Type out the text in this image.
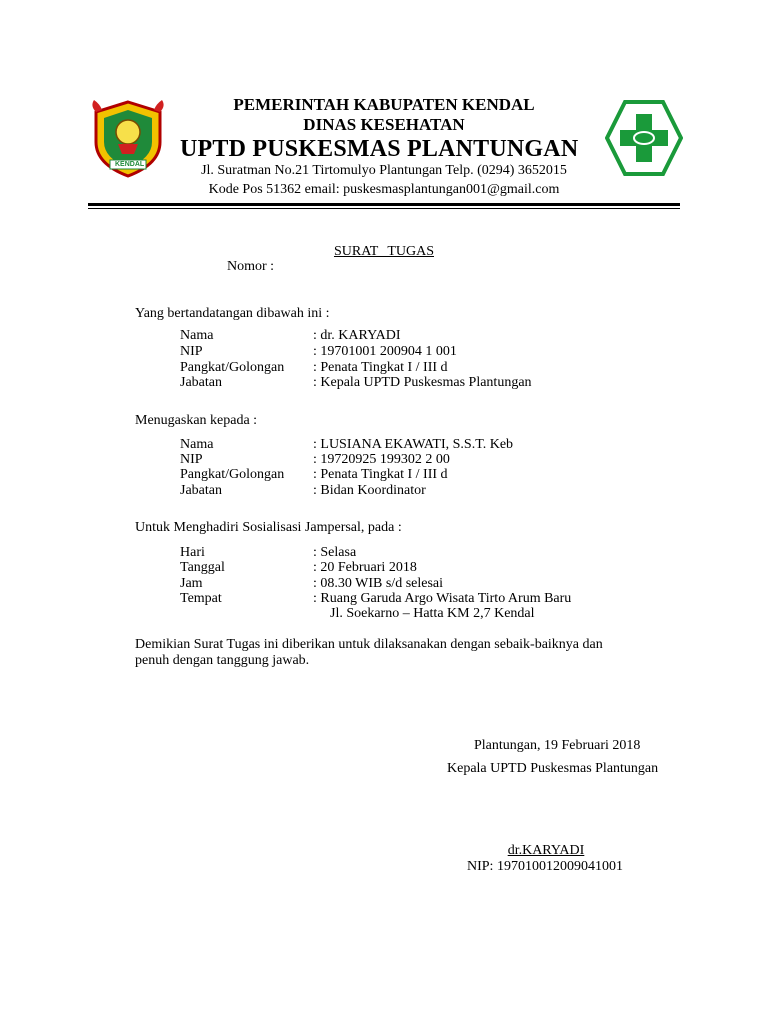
KENDAL
PEMERINTAH KABUPATEN KENDAL
DINAS KESEHATAN
UPTD PUSKESMAS PLANTUNGAN
Jl. Suratman No.21 Tirtomulyo Plantungan Telp. (0294) 3652015
Kode Pos 51362 email: puskesmasplantungan001@gmail.com
SURAT TUGAS
Nomor :
Yang bertandatangan dibawah ini :
Nama	: dr. KARYADI
NIP	: 19701001 200904 1 001
Pangkat/Golongan : Penata Tingkat I / III d
Jabatan	: Kepala UPTD Puskesmas Plantungan
Menugaskan kepada :
Nama	: LUSIANA EKAWATI, S.S.T. Keb
NIP	: 19720925 199302 2 00
Pangkat/Golongan : Penata Tingkat I / III d
Jabatan	: Bidan Koordinator
Untuk Menghadiri Sosialisasi Jampersal, pada :
Hari	: Selasa
Tanggal	: 20 Februari 2018
Jam	: 08.30 WIB s/d selesai
Tempat	: Ruang Garuda Argo Wisata Tirto Arum Baru
Jl. Soekarno – Hatta KM 2,7 Kendal
Demikian Surat Tugas ini diberikan untuk dilaksanakan dengan sebaik-baiknya dan
penuh dengan tanggung jawab.
Plantungan, 19 Februari 2018
Kepala UPTD Puskesmas Plantungan
dr.KARYADI
NIP: 197010012009041001
